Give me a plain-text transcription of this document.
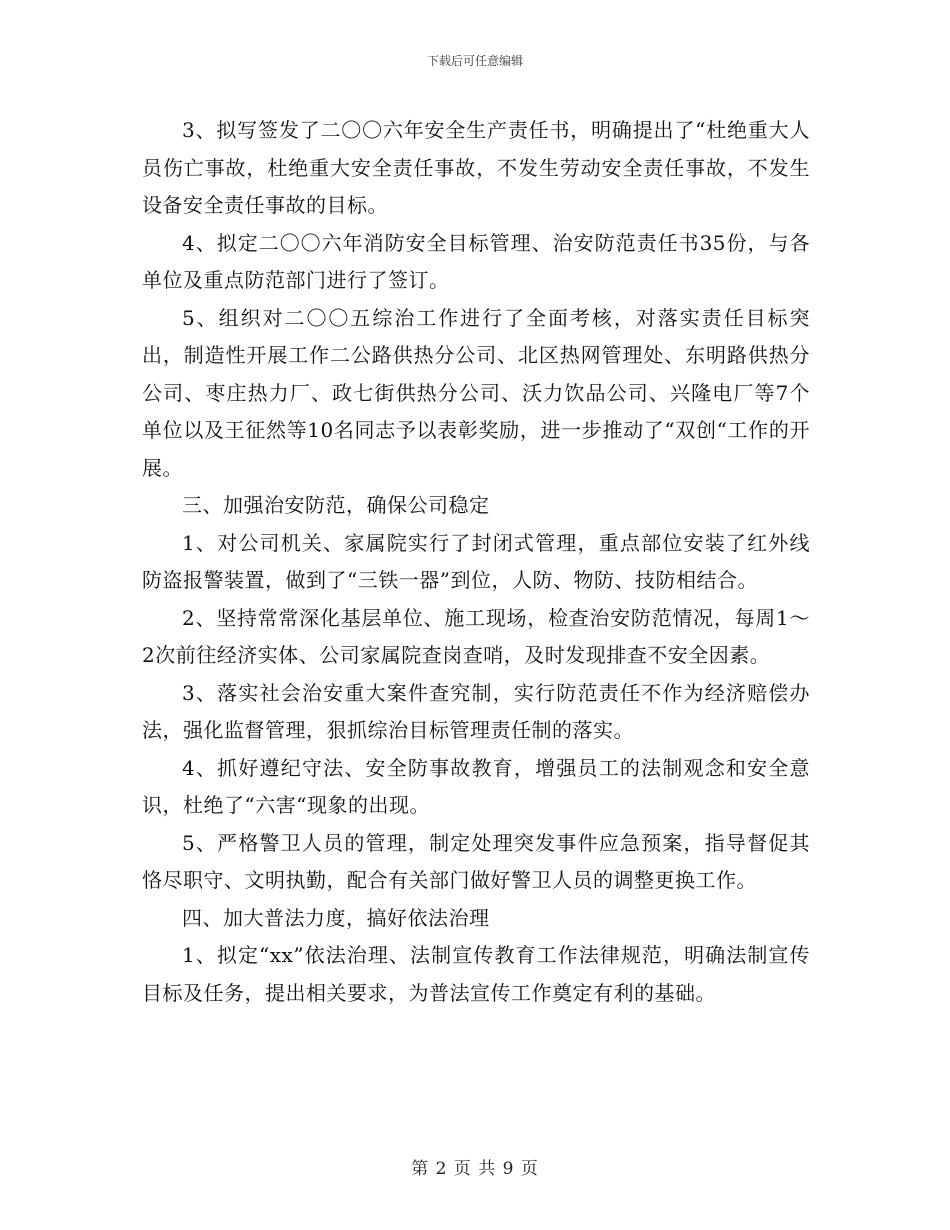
下载后可任意编辑

3、拟写签发了二〇〇六年安全生产责任书，明确提出了“杜绝重大人员伤亡事故，杜绝重大安全责任事故，不发生劳动安全责任事故，不发生设备安全责任事故的目标。

4、拟定二〇〇六年消防安全目标管理、治安防范责任书35份，与各单位及重点防范部门进行了签订。

5、组织对二〇〇五综治工作进行了全面考核，对落实责任目标突出，制造性开展工作二公路供热分公司、北区热网管理处、东明路供热分公司、枣庄热力厂、政七街供热分公司、沃力饮品公司、兴隆电厂等7个单位以及王征然等10名同志予以表彰奖励，进一步推动了“双创“工作的开展。

三、加强治安防范，确保公司稳定

1、对公司机关、家属院实行了封闭式管理，重点部位安装了红外线防盗报警装置，做到了“三铁一器”到位，人防、物防、技防相结合。

2、坚持常常深化基层单位、施工现场，检查治安防范情况，每周1～2次前往经济实体、公司家属院查岗查哨，及时发现排查不安全因素。

3、落实社会治安重大案件查究制，实行防范责任不作为经济赔偿办法，强化监督管理，狠抓综治目标管理责任制的落实。

4、抓好遵纪守法、安全防事故教育，增强员工的法制观念和安全意识，杜绝了“六害“现象的出现。

5、严格警卫人员的管理，制定处理突发事件应急预案，指导督促其恪尽职守、文明执勤，配合有关部门做好警卫人员的调整更换工作。

四、加大普法力度，搞好依法治理

1、拟定“xx”依法治理、法制宣传教育工作法律规范，明确法制宣传目标及任务，提出相关要求，为普法宣传工作奠定有利的基础。

第 2 页 共 9 页
